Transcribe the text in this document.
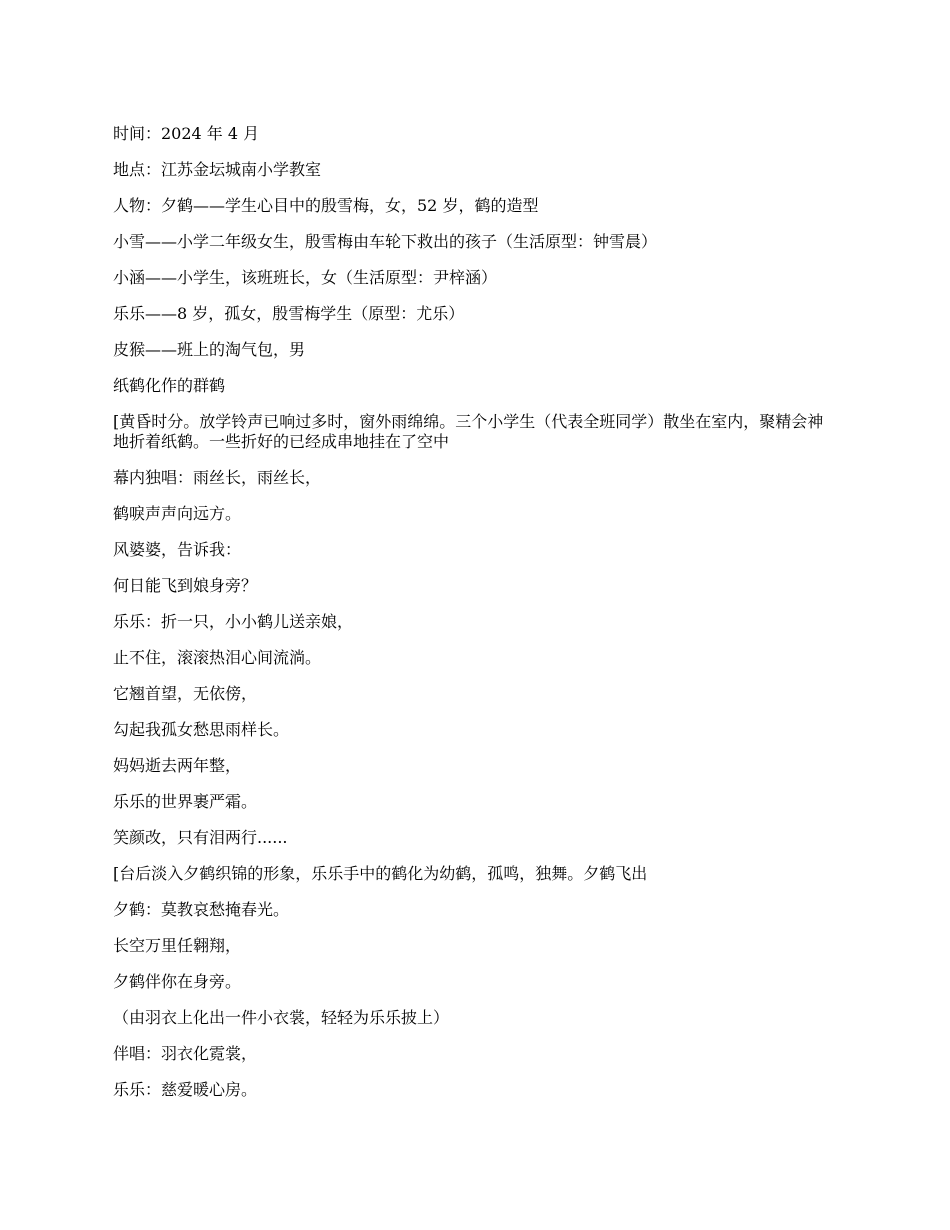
时间：2024 年 4 月

地点：江苏金坛城南小学教室

人物：夕鹤——学生心目中的殷雪梅，女，52 岁，鹤的造型

小雪——小学二年级女生，殷雪梅由车轮下救出的孩子（生活原型：钟雪晨）

小涵——小学生，该班班长，女（生活原型：尹梓涵）

乐乐——8 岁，孤女，殷雪梅学生（原型：尤乐）

皮猴——班上的淘气包，男

纸鹤化作的群鹤

[黄昏时分。放学铃声已响过多时，窗外雨绵绵。三个小学生（代表全班同学）散坐在室内，聚精会神地折着纸鹤。一些折好的已经成串地挂在了空中

幕内独唱：雨丝长，雨丝长，

鹤唳声声向远方。

风婆婆，告诉我：

何日能飞到娘身旁？

乐乐：折一只，小小鹤儿送亲娘，

止不住，滚滚热泪心间流淌。

它翘首望，无依傍，

勾起我孤女愁思雨样长。

妈妈逝去两年整，

乐乐的世界裹严霜。

笑颜改，只有泪两行......

[台后淡入夕鹤织锦的形象，乐乐手中的鹤化为幼鹤，孤鸣，独舞。夕鹤飞出

夕鹤：莫教哀愁掩春光。

长空万里任翱翔，

夕鹤伴你在身旁。

（由羽衣上化出一件小衣裳，轻轻为乐乐披上）

伴唱：羽衣化霓裳，

乐乐：慈爱暖心房。
